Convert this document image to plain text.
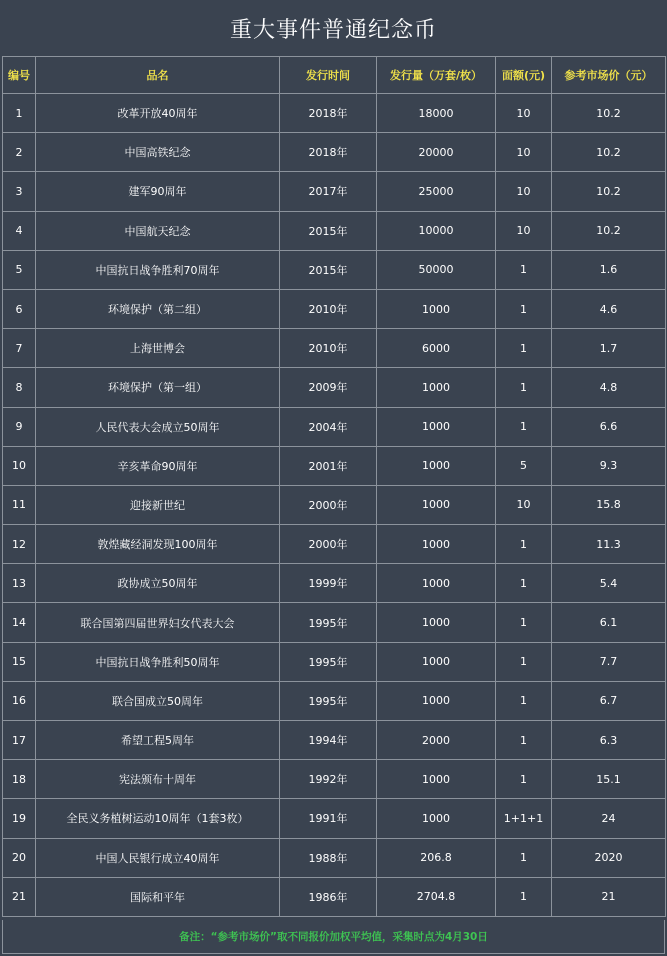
重大事件普通纪念币
编号	品名	发行时间	发行量（万套/枚）	面额(元)	参考市场价（元）
1	改革开放40周年	2018年	18000	10	10.2
2	中国高铁纪念	2018年	20000	10	10.2
3	建军90周年	2017年	25000	10	10.2
4	中国航天纪念	2015年	10000	10	10.2
5	中国抗日战争胜利70周年	2015年	50000	1	1.6
6	环境保护（第二组）	2010年	1000	1	4.6
7	上海世博会	2010年	6000	1	1.7
8	环境保护（第一组）	2009年	1000	1	4.8
9	人民代表大会成立50周年	2004年	1000	1	6.6
10	辛亥革命90周年	2001年	1000	5	9.3
11	迎接新世纪	2000年	1000	10	15.8
12	敦煌藏经洞发现100周年	2000年	1000	1	11.3
13	政协成立50周年	1999年	1000	1	5.4
14	联合国第四届世界妇女代表大会	1995年	1000	1	6.1
15	中国抗日战争胜利50周年	1995年	1000	1	7.7
16	联合国成立50周年	1995年	1000	1	6.7
17	希望工程5周年	1994年	2000	1	6.3
18	宪法颁布十周年	1992年	1000	1	15.1
19	全民义务植树运动10周年（1套3枚）	1991年	1000	1+1+1	24
20	中国人民银行成立40周年	1988年	206.8	1	2020
21	国际和平年	1986年	2704.8	1	21
备注：“参考市场价”取不同报价加权平均值，采集时点为4月30日
